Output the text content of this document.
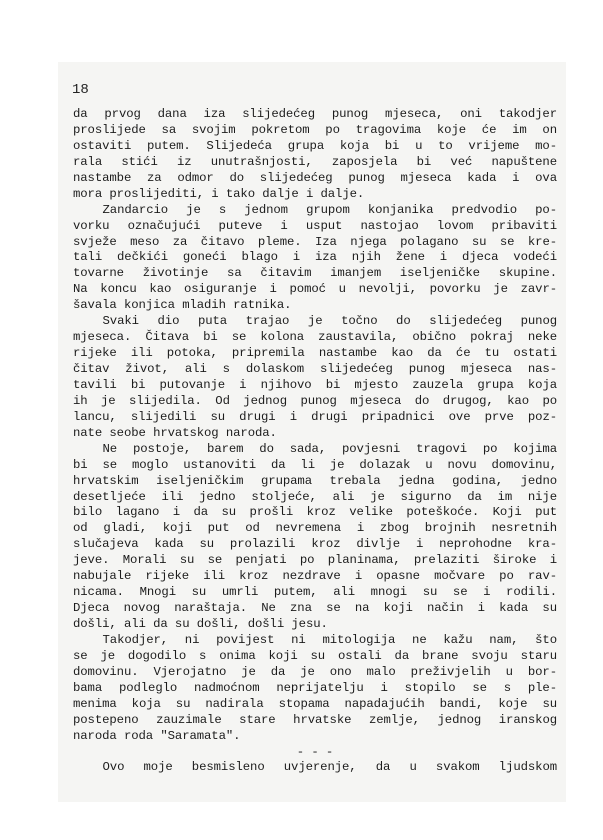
18
da prvog dana iza slijedećeg punog mjeseca, oni takodjer
proslijede sa svojim pokretom po tragovima koje će im on
ostaviti putem. Slijedeća grupa koja bi u to vrijeme mo-
rala stići iz unutrašnjosti, zaposjela bi već napuštene
nastambe za odmor do slijedećeg punog mjeseca kada i ova
mora proslijediti, i tako dalje i dalje.
Zandarcio je s jednom grupom konjanika predvodio po-
vorku označujući puteve i usput nastojao lovom pribaviti
svježe meso za čitavo pleme. Iza njega polagano su se kre-
tali dečkići goneći blago i iza njih žene i djeca vodeći
tovarne životinje sa čitavim imanjem iseljeničke skupine.
Na koncu kao osiguranje i pomoć u nevolji, povorku je zavr-
šavala konjica mladih ratnika.
Svaki dio puta trajao je točno do slijedećeg punog
mjeseca. Čitava bi se kolona zaustavila, obično pokraj neke
rijeke ili potoka, pripremila nastambe kao da će tu ostati
čitav život, ali s dolaskom slijedećeg punog mjeseca nas-
tavili bi putovanje i njihovo bi mjesto zauzela grupa koja
ih je slijedila. Od jednog punog mjeseca do drugog, kao po
lancu, slijedili su drugi i drugi pripadnici ove prve poz-
nate seobe hrvatskog naroda.
Ne postoje, barem do sada, povjesni tragovi po kojima
bi se moglo ustanoviti da li je dolazak u novu domovinu,
hrvatskim iseljeničkim grupama trebala jedna godina, jedno
desetljeće ili jedno stoljeće, ali je sigurno da im nije
bilo lagano i da su prošli kroz velike poteškoće. Koji put
od gladi, koji put od nevremena i zbog brojnih nesretnih
slučajeva kada su prolazili kroz divlje i neprohodne kra-
jeve. Morali su se penjati po planinama, prelaziti široke i
nabujale rijeke ili kroz nezdrave i opasne močvare po rav-
nicama. Mnogi su umrli putem, ali mnogi su se i rodili.
Djeca novog naraštaja. Ne zna se na koji način i kada su
došli, ali da su došli, došli jesu.
Takodjer, ni povijest ni mitologija ne kažu nam, što
se je dogodilo s onima koji su ostali da brane svoju staru
domovinu. Vjerojatno je da je ono malo preživjelih u bor-
bama podleglo nadmoćnom neprijatelju i stopilo se s ple-
menima koja su nadirala stopama napadajućih bandi, koje su
postepeno zauzimale stare hrvatske zemlje, jednog iranskog
naroda roda "Saramata".
- - -
Ovo moje besmisleno uvjerenje, da u svakom ljudskom
